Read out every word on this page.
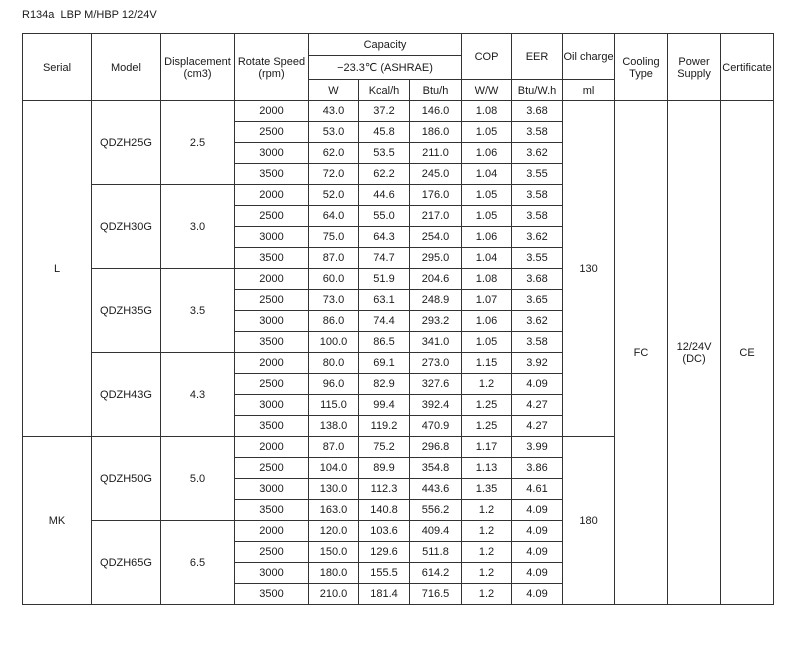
R134a  LBP M/HBP 12/24V
Serial	Model	Displacement (cm3)	Rotate Speed (rpm)	Capacity			COP	EER	Oil charge	Cooling Type	Power Supply	Certificate
				−23.3℃ (ASHRAE)								
				W	Kcal/h	Btu/h	W/W	Btu/W.h	ml			
L	QDZH25G	2.5	2000	43.0	37.2	146.0	1.08	3.68	130	FC	12/24V (DC)	CE
			2500	53.0	45.8	186.0	1.05	3.58				
			3000	62.0	53.5	211.0	1.06	3.62				
			3500	72.0	62.2	245.0	1.04	3.55				
	QDZH30G	3.0	2000	52.0	44.6	176.0	1.05	3.58				
			2500	64.0	55.0	217.0	1.05	3.58				
			3000	75.0	64.3	254.0	1.06	3.62				
			3500	87.0	74.7	295.0	1.04	3.55				
	QDZH35G	3.5	2000	60.0	51.9	204.6	1.08	3.68				
			2500	73.0	63.1	248.9	1.07	3.65				
			3000	86.0	74.4	293.2	1.06	3.62				
			3500	100.0	86.5	341.0	1.05	3.58				
	QDZH43G	4.3	2000	80.0	69.1	273.0	1.15	3.92				
			2500	96.0	82.9	327.6	1.2	4.09				
			3000	115.0	99.4	392.4	1.25	4.27				
			3500	138.0	119.2	470.9	1.25	4.27				
MK	QDZH50G	5.0	2000	87.0	75.2	296.8	1.17	3.99	180			
			2500	104.0	89.9	354.8	1.13	3.86				
			3000	130.0	112.3	443.6	1.35	4.61				
			3500	163.0	140.8	556.2	1.2	4.09				
	QDZH65G	6.5	2000	120.0	103.6	409.4	1.2	4.09				
			2500	150.0	129.6	511.8	1.2	4.09				
			3000	180.0	155.5	614.2	1.2	4.09				
			3500	210.0	181.4	716.5	1.2	4.09				
